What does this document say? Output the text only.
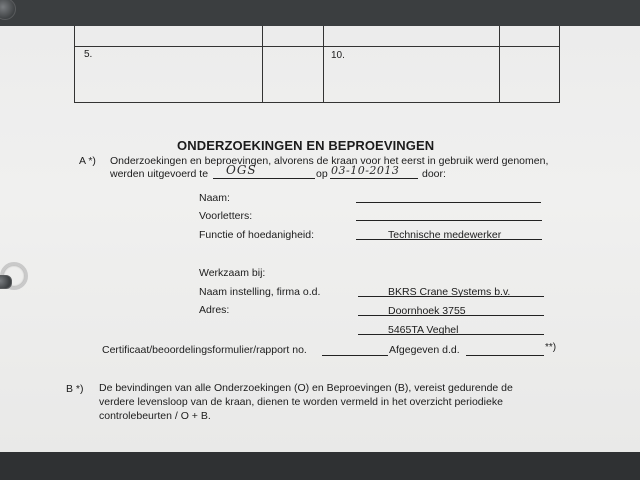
5.	10.
ONDERZOEKINGEN EN BEPROEVINGEN
A *) Onderzoekingen en beproevingen, alvorens de kraan voor het eerst in gebruik werd genomen,
werden uitgevoerd te OGS	op 03-10-2013 door:
Naam:
Voorletters:
Functie of hoedanigheid:	Technische medewerker
Werkzaam bij:
Naam instelling, firma o.d.	BKRS Crane Systems b.v.
Adres:	Doornhoek 3755
5465TA Veghel
Certificaat/beoordelingsformulier/rapport no.	Afgegeven d.d.	**)
B *) De bevindingen van alle Onderzoekingen (O) en Beproevingen (B), vereist gedurende de
verdere levensloop van de kraan, dienen te worden vermeld in het overzicht periodieke
controlebeurten / O + B.
